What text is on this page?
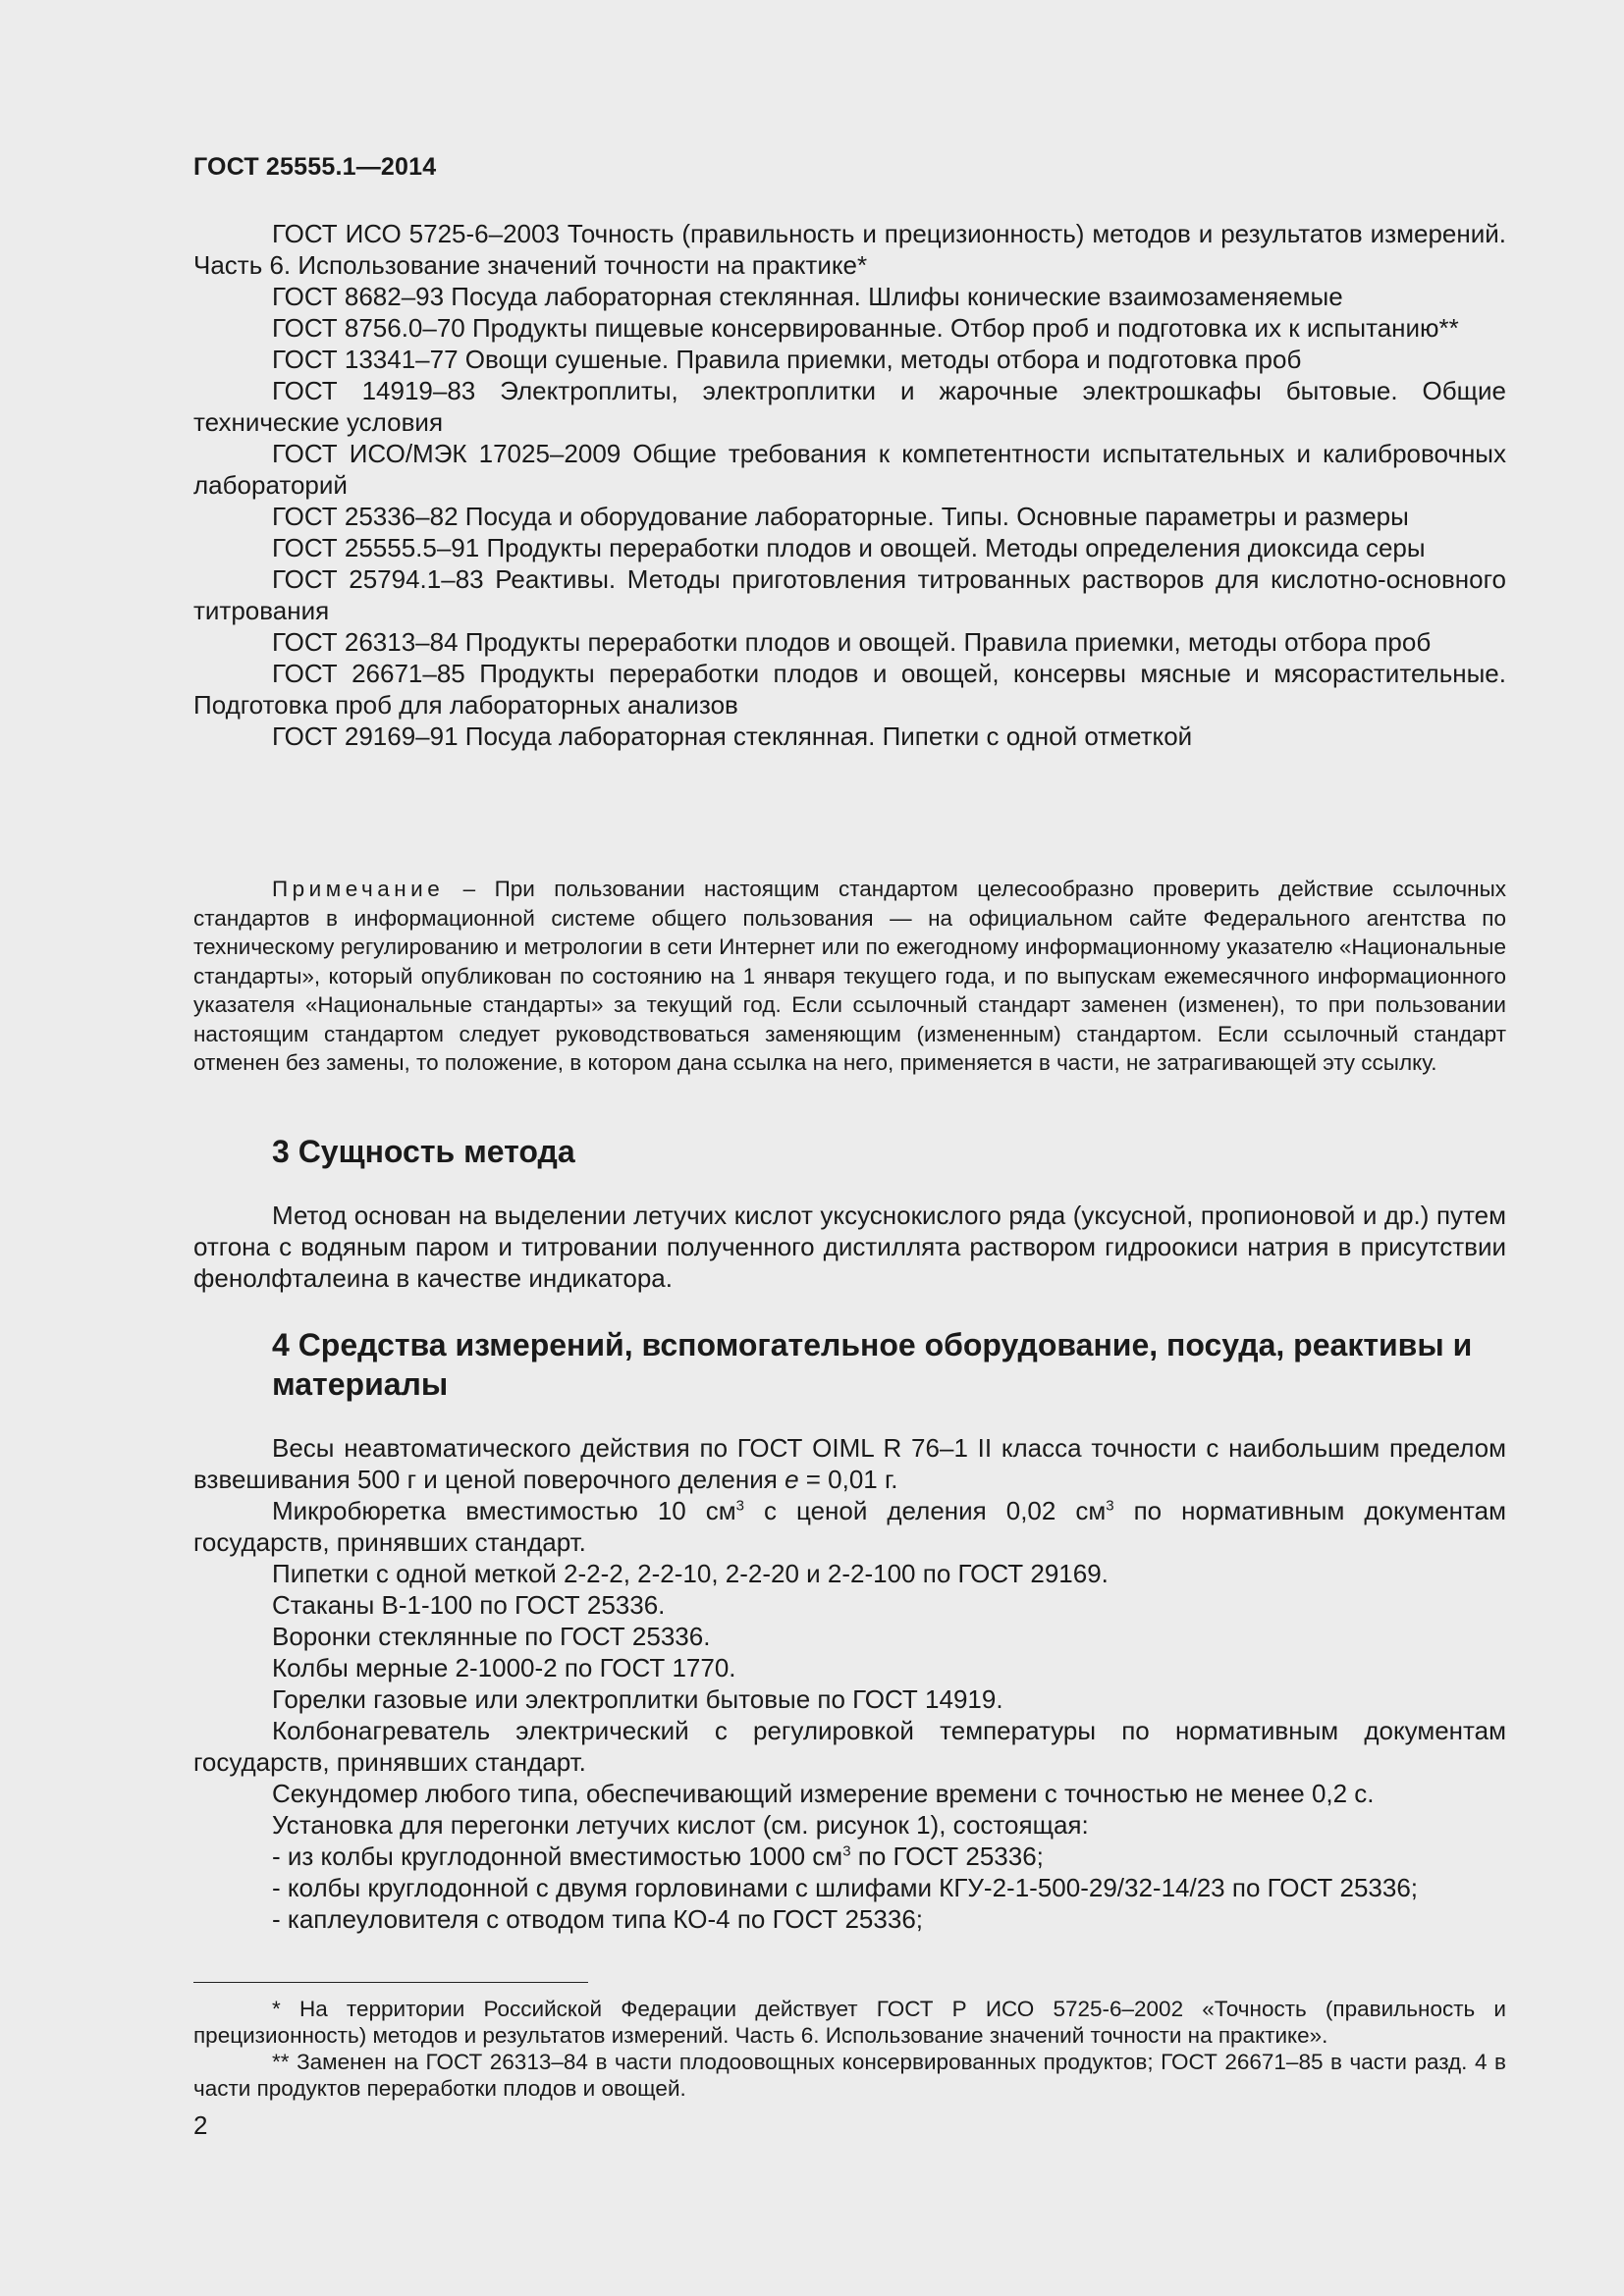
ГОСТ 25555.1—2014

ГОСТ ИСО 5725-6–2003 Точность (правильность и прецизионность) методов и результатов измерений. Часть 6. Использование значений точности на практике*

ГОСТ 8682–93 Посуда лабораторная стеклянная. Шлифы конические взаимозаменяемые

ГОСТ 8756.0–70 Продукты пищевые консервированные. Отбор проб и подготовка их к испытанию**

ГОСТ 13341–77 Овощи сушеные. Правила приемки, методы отбора и подготовка проб

ГОСТ 14919–83 Электроплиты, электроплитки и жарочные электрошкафы бытовые. Общие технические условия

ГОСТ ИСО/МЭК 17025–2009 Общие требования к компетентности испытательных и калибровочных лабораторий

ГОСТ 25336–82 Посуда и оборудование лабораторные. Типы. Основные параметры и размеры

ГОСТ 25555.5–91 Продукты переработки плодов и овощей. Методы определения диоксида серы

ГОСТ 25794.1–83 Реактивы. Методы приготовления титрованных растворов для кислотно-основного титрования

ГОСТ 26313–84 Продукты переработки плодов и овощей. Правила приемки, методы отбора проб

ГОСТ 26671–85 Продукты переработки плодов и овощей, консервы мясные и мясорастительные. Подготовка проб для лабораторных анализов

ГОСТ 29169–91 Посуда лабораторная стеклянная. Пипетки с одной отметкой

Примечание – При пользовании настоящим стандартом целесообразно проверить действие ссылочных стандартов в информационной системе общего пользования — на официальном сайте Федерального агентства по техническому регулированию и метрологии в сети Интернет или по ежегодному информационному указателю «Национальные стандарты», который опубликован по состоянию на 1 января текущего года, и по выпускам ежемесячного информационного указателя «Национальные стандарты» за текущий год. Если ссылочный стандарт заменен (изменен), то при пользовании настоящим стандартом следует руководствоваться заменяющим (измененным) стандартом. Если ссылочный стандарт отменен без замены, то положение, в котором дана ссылка на него, применяется в части, не затрагивающей эту ссылку.

3 Сущность метода

Метод основан на выделении летучих кислот уксуснокислого ряда (уксусной, пропионовой и др.) путем отгона с водяным паром и титровании полученного дистиллята раствором гидроокиси натрия в присутствии фенолфталеина в качестве индикатора.

4 Средства измерений, вспомогательное оборудование, посуда, реактивы и материалы

Весы неавтоматического действия по ГОСТ OIML R 76–1 II класса точности с наибольшим пределом взвешивания 500 г и ценой поверочного деления e = 0,01 г.

Микробюретка вместимостью 10 $см^3$ с ценой деления 0,02 $см^3$ по нормативным документам государств, принявших стандарт.

Пипетки с одной меткой 2-2-2, 2-2-10, 2-2-20 и 2-2-100 по ГОСТ 29169.

Стаканы В-1-100 по ГОСТ 25336.

Воронки стеклянные по ГОСТ 25336.

Колбы мерные 2-1000-2 по ГОСТ 1770.

Горелки газовые или электроплитки бытовые по ГОСТ 14919.

Колбонагреватель электрический с регулировкой температуры по нормативным документам государств, принявших стандарт.

Секундомер любого типа, обеспечивающий измерение времени с точностью не менее 0,2 с.

Установка для перегонки летучих кислот (см. рисунок 1), состоящая:

- из колбы круглодонной вместимостью 1000 $см^3$ по ГОСТ 25336;

- колбы круглодонной с двумя горловинами с шлифами КГУ-2-1-500-29/32-14/23 по ГОСТ 25336;

- каплеуловителя с отводом типа КО-4 по ГОСТ 25336;

* На территории Российской Федерации действует ГОСТ Р ИСО 5725-6–2002 «Точность (правильность и прецизионность) методов и результатов измерений. Часть 6. Использование значений точности на практике».

** Заменен на ГОСТ 26313–84 в части плодоовощных консервированных продуктов; ГОСТ 26671–85 в части разд. 4 в части продуктов переработки плодов и овощей.

2
